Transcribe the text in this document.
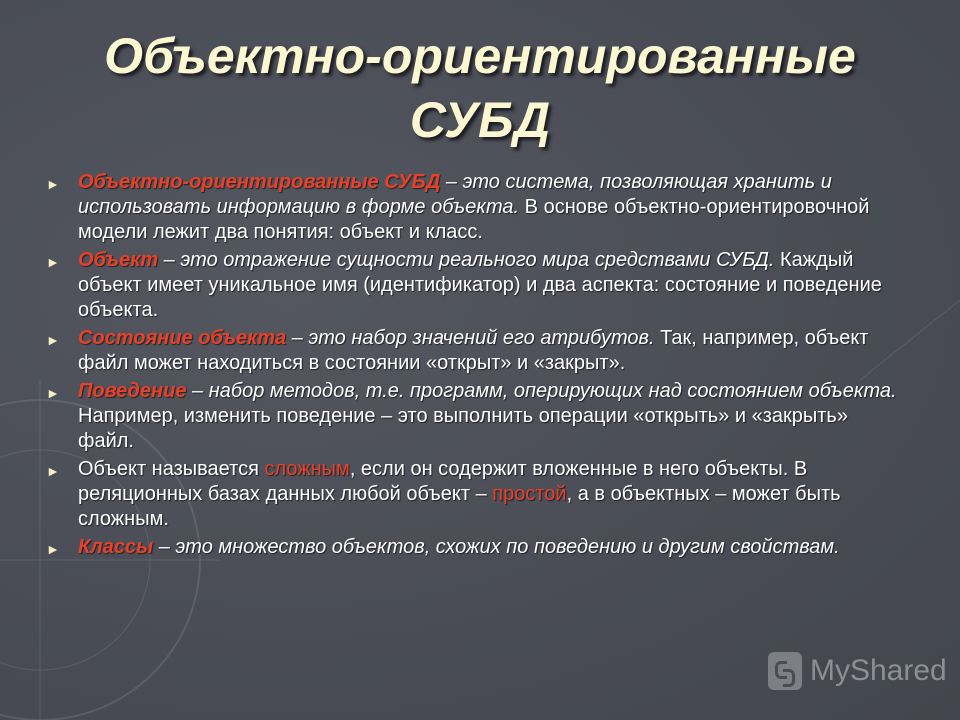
Объектно-ориентированные
СУБД
► Объектно-ориентированные СУБД – это система, позволяющая хранить и использовать информацию в форме объекта. В основе объектно-ориентировочной модели лежит два понятия: объект и класс.
► Объект – это отражение сущности реального мира средствами СУБД. Каждый объект имеет уникальное имя (идентификатор) и два аспекта: состояние и поведение объекта.
► Состояние объекта – это набор значений его атрибутов. Так, например, объект файл может находиться в состоянии «открыт» и «закрыт».
► Поведение – набор методов, т.е. программ, оперирующих над состоянием объекта. Например, изменить поведение – это выполнить операции «открыть» и «закрыть» файл.
► Объект называется сложным, если он содержит вложенные в него объекты. В реляционных базах данных любой объект – простой, а в объектных – может быть сложным.
► Классы – это множество объектов, схожих по поведению и другим свойствам.
MyShared
